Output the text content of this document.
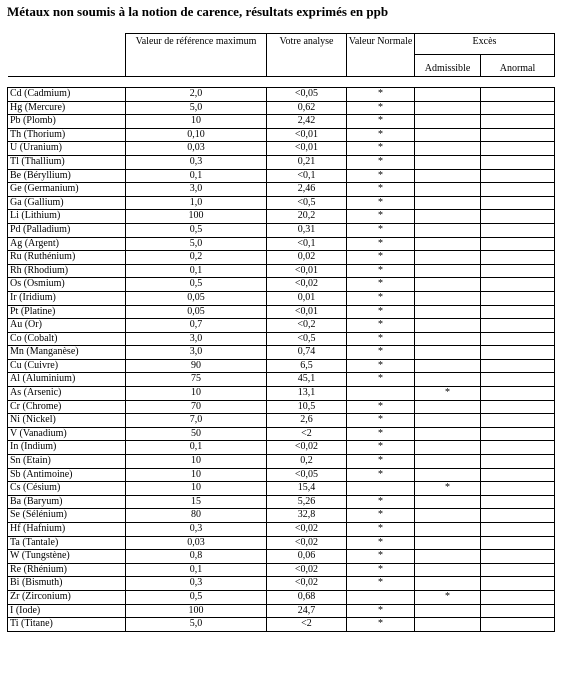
Métaux non soumis à la notion de carence, résultats exprimés en ppb
	Valeur de référence maximum	Votre analyse	Valeur Normale	Excès	
				Admissible	Anormal

Cd (Cadmium)	2,0	<0,05	*		
Hg (Mercure)	5,0	0,62	*		
Pb (Plomb)	10	2,42	*		
Th (Thorium)	0,10	<0,01	*		
U (Uranium)	0,03	<0,01	*		
Tl (Thallium)	0,3	0,21	*		
Be (Béryllium)	0,1	<0,1	*		
Ge (Germanium)	3,0	2,46	*		
Ga (Gallium)	1,0	<0,5	*		
Li (Lithium)	100	20,2	*		
Pd (Palladium)	0,5	0,31	*		
Ag (Argent)	5,0	<0,1	*		
Ru (Ruthénium)	0,2	0,02	*		
Rh (Rhodium)	0,1	<0,01	*		
Os (Osmium)	0,5	<0,02	*		
Ir (Iridium)	0,05	0,01	*		
Pt (Platine)	0,05	<0,01	*		
Au (Or)	0,7	<0,2	*		
Co (Cobalt)	3,0	<0,5	*		
Mn (Manganèse)	3,0	0,74	*		
Cu (Cuivre)	90	6,5	*		
Al (Aluminium)	75	45,1	*		
As (Arsenic)	10	13,1		*	
Cr (Chrome)	70	10,5	*		
Ni (Nickel)	7,0	2,6	*		
V (Vanadium)	50	<2	*		
In (Indium)	0,1	<0,02	*		
Sn (Etain)	10	0,2	*		
Sb (Antimoine)	10	<0,05	*		
Cs (Césium)	10	15,4		*	
Ba (Baryum)	15	5,26	*		
Se (Sélénium)	80	32,8	*		
Hf (Hafnium)	0,3	<0,02	*		
Ta (Tantale)	0,03	<0,02	*		
W (Tungstène)	0,8	0,06	*		
Re (Rhénium)	0,1	<0,02	*		
Bi (Bismuth)	0,3	<0,02	*		
Zr (Zirconium)	0,5	0,68		*	
I (Iode)	100	24,7	*		
Ti (Titane)	5,0	<2	*		
